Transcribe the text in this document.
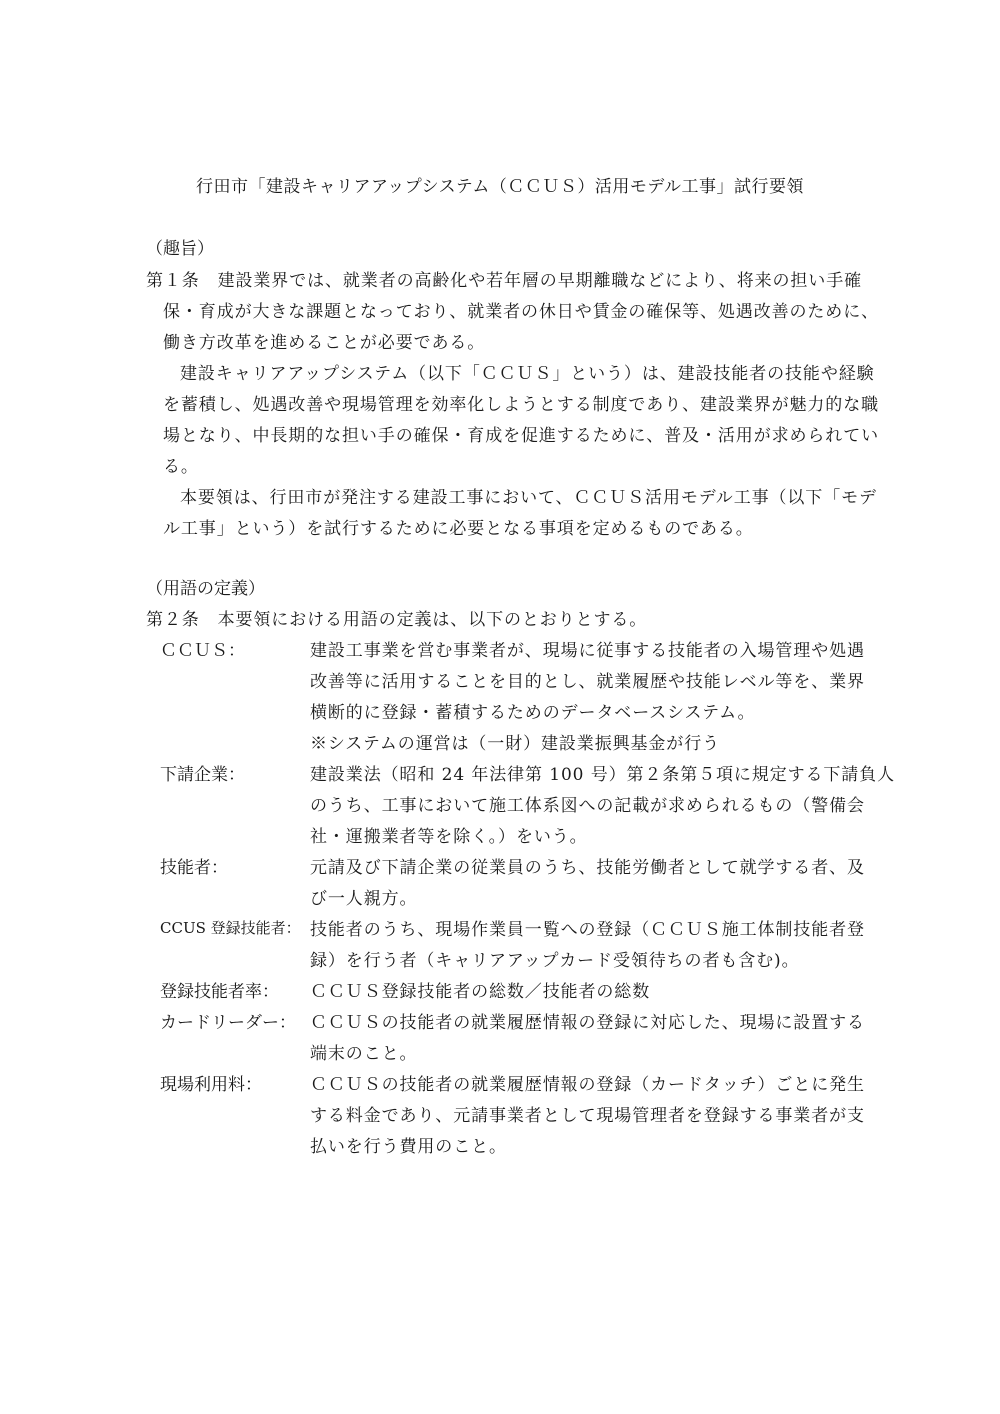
行田市「建設キャリアアップシステム（ＣＣＵＳ）活用モデル工事」試行要領
（趣旨）
第１条　建設業界では、就業者の高齢化や若年層の早期離職などにより、将来の担い手確
保・育成が大きな課題となっており、就業者の休日や賃金の確保等、処遇改善のために、
働き方改革を進めることが必要である。
建設キャリアアップシステム（以下「ＣＣＵＳ」という）は、建設技能者の技能や経験
を蓄積し、処遇改善や現場管理を効率化しようとする制度であり、建設業界が魅力的な職
場となり、中長期的な担い手の確保・育成を促進するために、普及・活用が求められてい
る。
本要領は、行田市が発注する建設工事において、ＣＣＵＳ活用モデル工事（以下「モデ
ル工事」という）を試行するために必要となる事項を定めるものである。
（用語の定義）
第２条　本要領における用語の定義は、以下のとおりとする。
ＣＣＵＳ：	建設工事業を営む事業者が、現場に従事する技能者の入場管理や処遇
改善等に活用することを目的とし、就業履歴や技能レベル等を、業界
横断的に登録・蓄積するためのデータベースシステム。
※システムの運営は（一財）建設業振興基金が行う
下請企業：	建設業法（昭和 24 年法律第 100 号）第２条第５項に規定する下請負人
のうち、工事において施工体系図への記載が求められるもの（警備会
社・運搬業者等を除く。）をいう。
技能者：	元請及び下請企業の従業員のうち、技能労働者として就学する者、及
び一人親方。
CCUS 登録技能者： 技能者のうち、現場作業員一覧への登録（ＣＣＵＳ施工体制技能者登
録）を行う者（キャリアアップカード受領待ちの者も含む)。
登録技能者率： ＣＣＵＳ登録技能者の総数／技能者の総数
カードリーダー： ＣＣＵＳの技能者の就業履歴情報の登録に対応した、現場に設置する
端末のこと。
現場利用料：	ＣＣＵＳの技能者の就業履歴情報の登録（カードタッチ）ごとに発生
する料金であり、元請事業者として現場管理者を登録する事業者が支
払いを行う費用のこと。
